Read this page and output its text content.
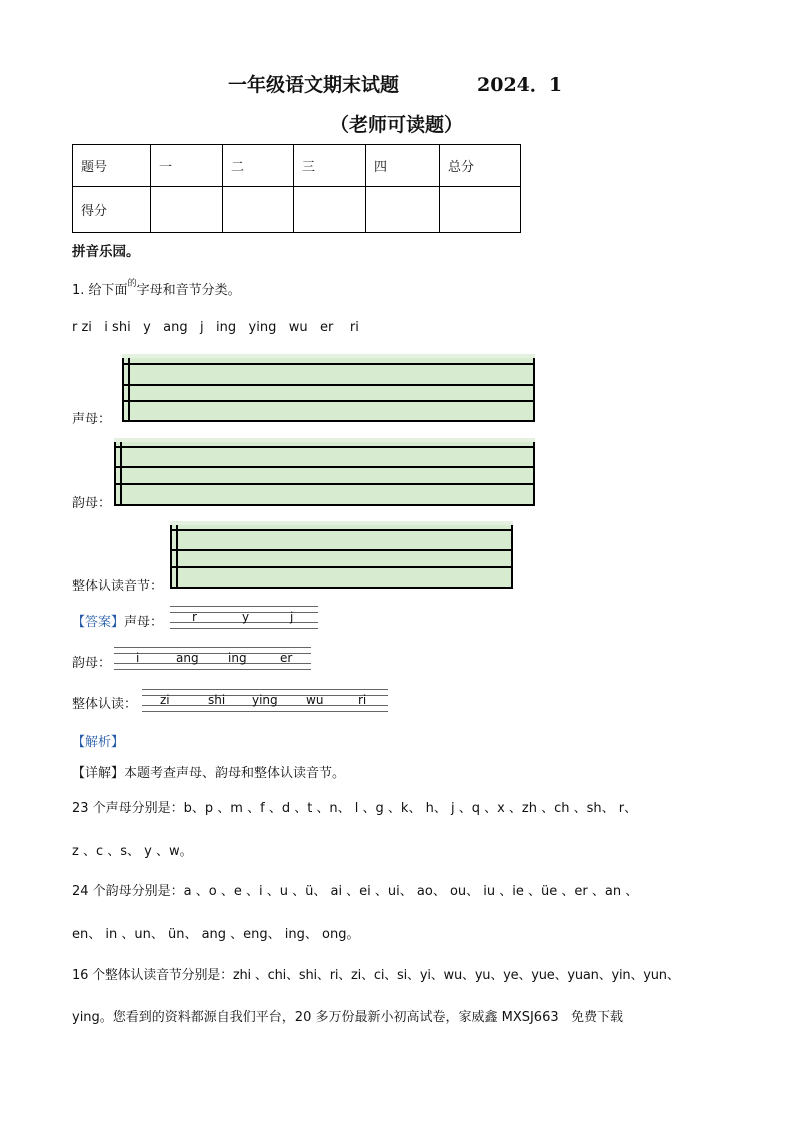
一年级语文期末试题	2024．1
（老师可读题）
题号	一	二	三	四	总分
得分					
拼音乐园。
1. 给下面$^的$字母和音节分类。
r zi   i shi   y   ang   j   ing   ying   wu   er    ri
声母：
韵母：
整体认读音节：
【答案】声母： r	y	j
韵母： i	ang ing	er
整体认读： zi	shi ying wu	ri
【解析】
【详解】本题考查声母、韵母和整体认读音节。
23 个声母分别是：b、p 、m 、f 、d 、t 、n、 l 、g 、k、 h、 j 、q 、x 、zh 、ch 、sh、 r、
z 、c 、s、 y 、w。
24 个韵母分别是：a 、o 、e 、i 、u 、ü、 ai 、ei 、ui、 ao、 ou、 iu 、ie 、üe 、er 、an 、
en、 in 、un、 ün、 ang 、eng、 ing、 ong。
16 个整体认读音节分别是：zhi 、chi、shi、ri、zi、ci、si、yi、wu、yu、ye、yue、yuan、yin、yun、
ying。您看到的资料都源自我们平台，20 多万份最新小初高试卷，家威鑫 MXSJ663   免费下载
